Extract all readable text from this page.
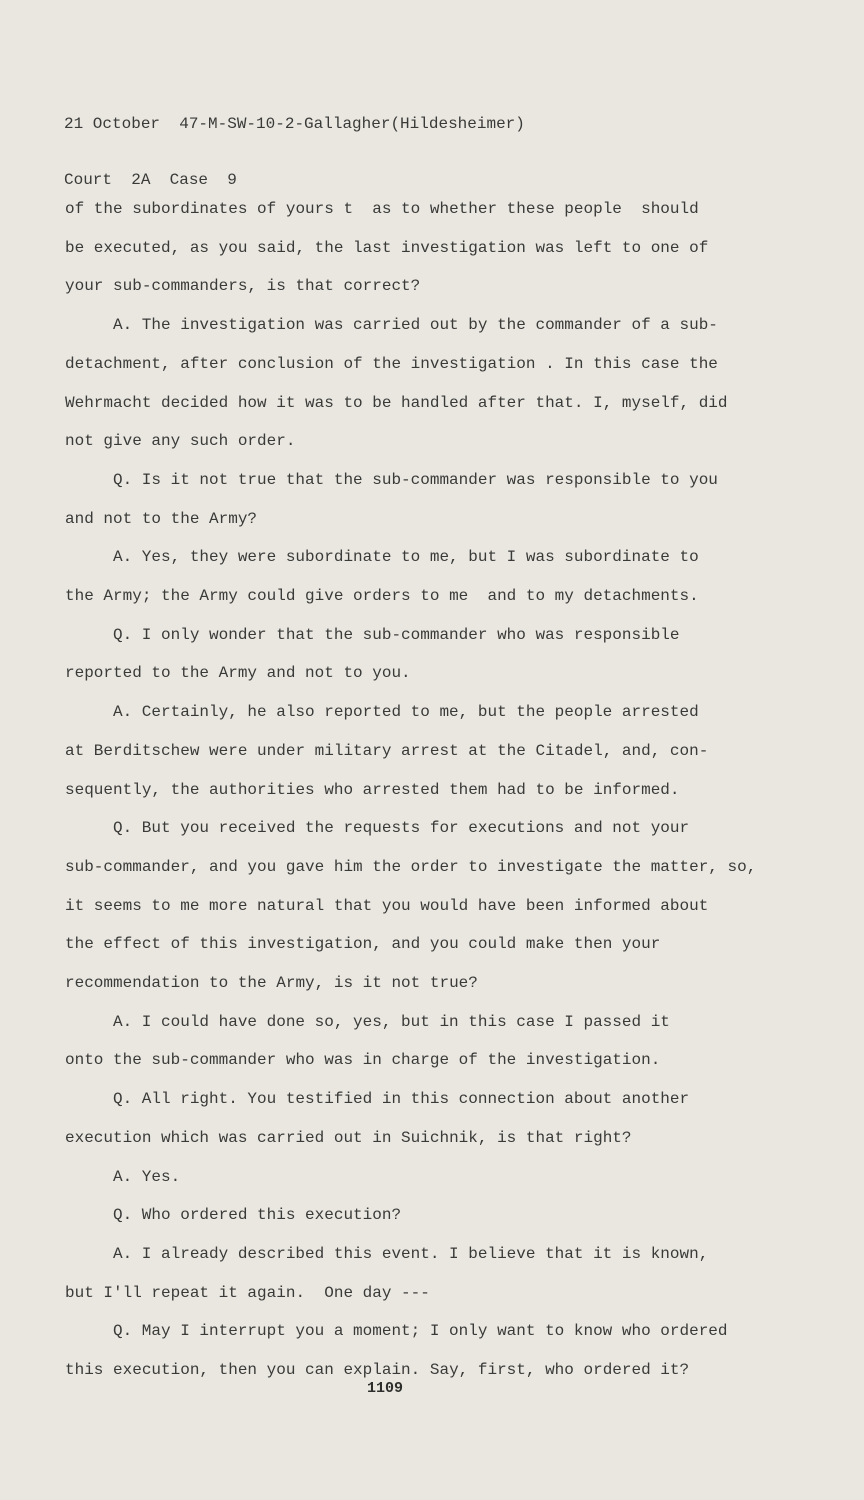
21 October  47-M-SW-10-2-Gallagher(Hildesheimer)

Court  2A  Case  9

of the subordinates of yours t  as to whether these people  should
be executed, as you said, the last investigation was left to one of
your sub-commanders, is that correct?
A. The investigation was carried out by the commander of a sub-
detachment, after conclusion of the investigation . In this case the
Wehrmacht decided how it was to be handled after that. I, myself, did
not give any such order.
Q. Is it not true that the sub-commander was responsible to you
and not to the Army?
A. Yes, they were subordinate to me, but I was subordinate to
the Army; the Army could give orders to me  and to my detachments.
Q. I only wonder that the sub-commander who was responsible
reported to the Army and not to you.
A. Certainly, he also reported to me, but the people arrested
at Berditschew were under military arrest at the Citadel, and, con-
sequently, the authorities who arrested them had to be informed.
Q. But you received the requests for executions and not your
sub-commander, and you gave him the order to investigate the matter, so,
it seems to me more natural that you would have been informed about
the effect of this investigation, and you could make then your
recommendation to the Army, is it not true?
A. I could have done so, yes, but in this case I passed it
onto the sub-commander who was in charge of the investigation.
Q. All right. You testified in this connection about another
execution which was carried out in Suichnik, is that right?
A. Yes.
Q. Who ordered this execution?
A. I already described this event. I believe that it is known,
but I'll repeat it again.  One day ---
Q. May I interrupt you a moment; I only want to know who ordered
this execution, then you can explain. Say, first, who ordered it?
1109
